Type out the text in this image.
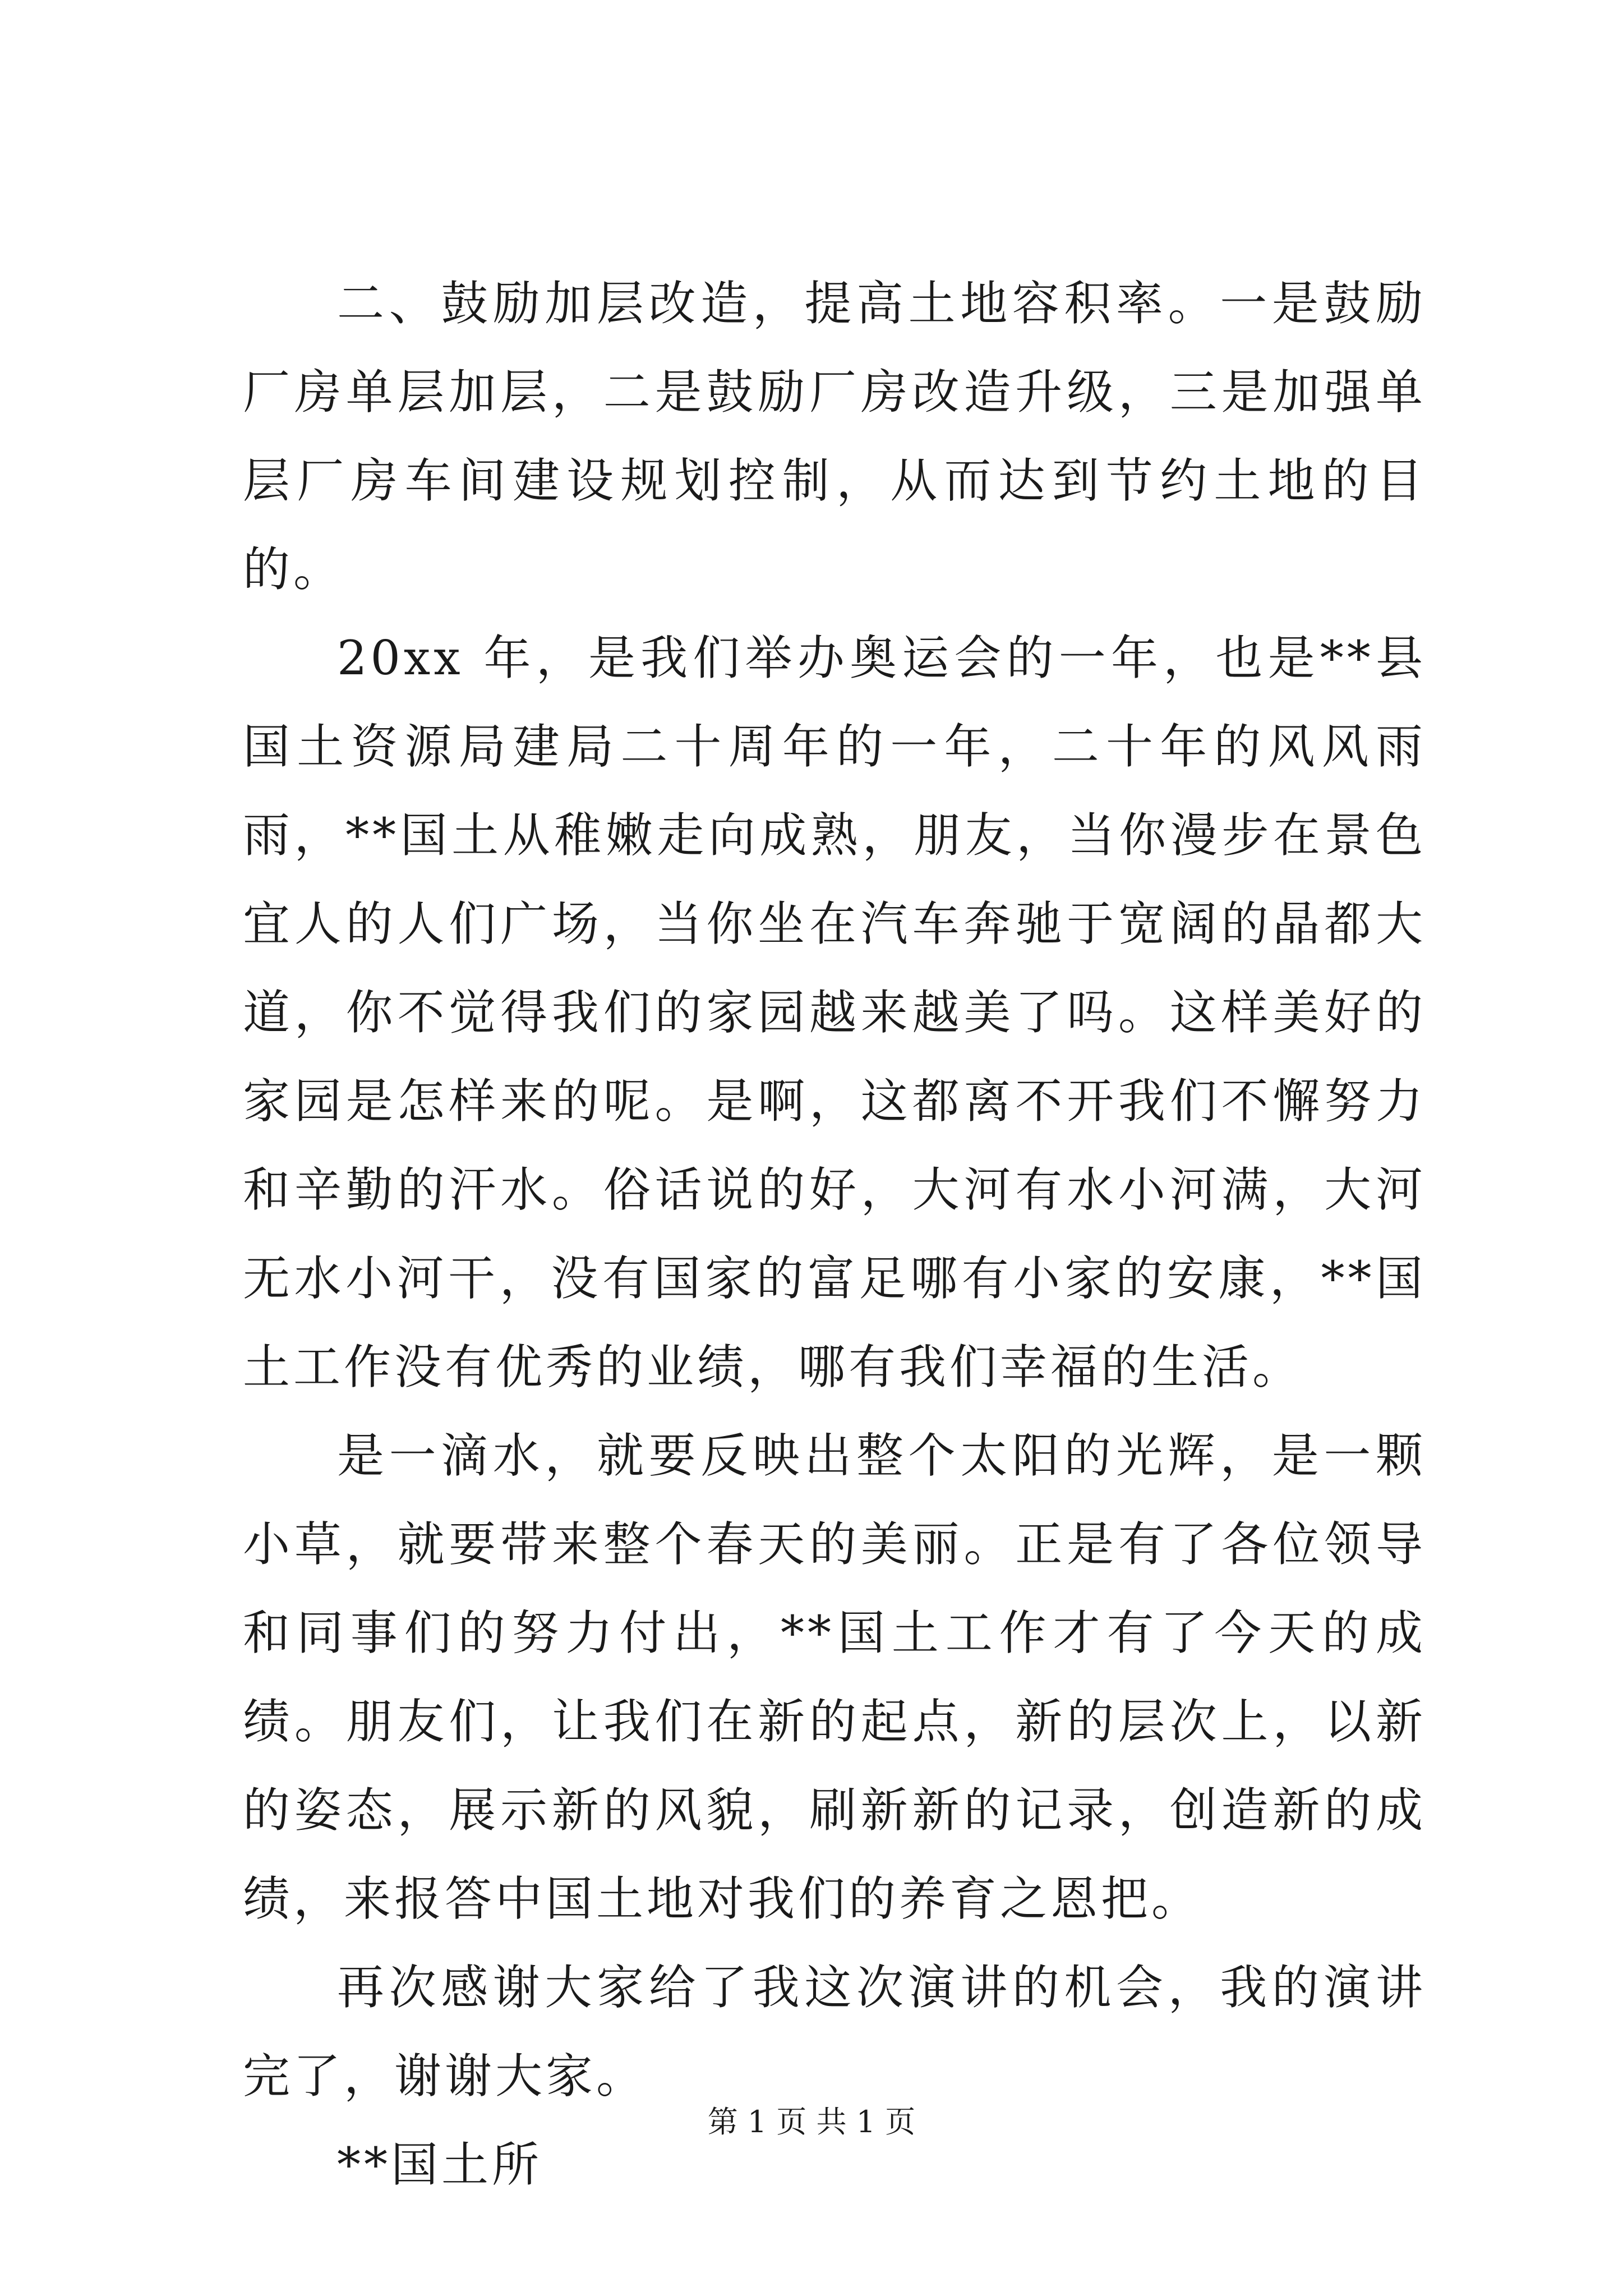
二、鼓励加层改造，提高土地容积率。一是鼓励厂房单层加层，二是鼓励厂房改造升级，三是加强单层厂房车间建设规划控制，从而达到节约土地的目的。

20xx 年，是我们举办奥运会的一年，也是**县国土资源局建局二十周年的一年，二十年的风风雨雨，**国土从稚嫩走向成熟，朋友，当你漫步在景色宜人的人们广场，当你坐在汽车奔驰于宽阔的晶都大道，你不觉得我们的家园越来越美了吗。这样美好的家园是怎样来的呢。是啊，这都离不开我们不懈努力和辛勤的汗水。俗话说的好，大河有水小河满，大河无水小河干，没有国家的富足哪有小家的安康，**国土工作没有优秀的业绩，哪有我们幸福的生活。

是一滴水，就要反映出整个太阳的光辉，是一颗小草，就要带来整个春天的美丽。正是有了各位领导和同事们的努力付出，**国土工作才有了今天的成绩。朋友们，让我们在新的起点，新的层次上，以新的姿态，展示新的风貌，刷新新的记录，创造新的成绩，来报答中国土地对我们的养育之恩把。

再次感谢大家给了我这次演讲的机会，我的演讲完了，谢谢大家。

**国土所

第 1 页 共 1 页
